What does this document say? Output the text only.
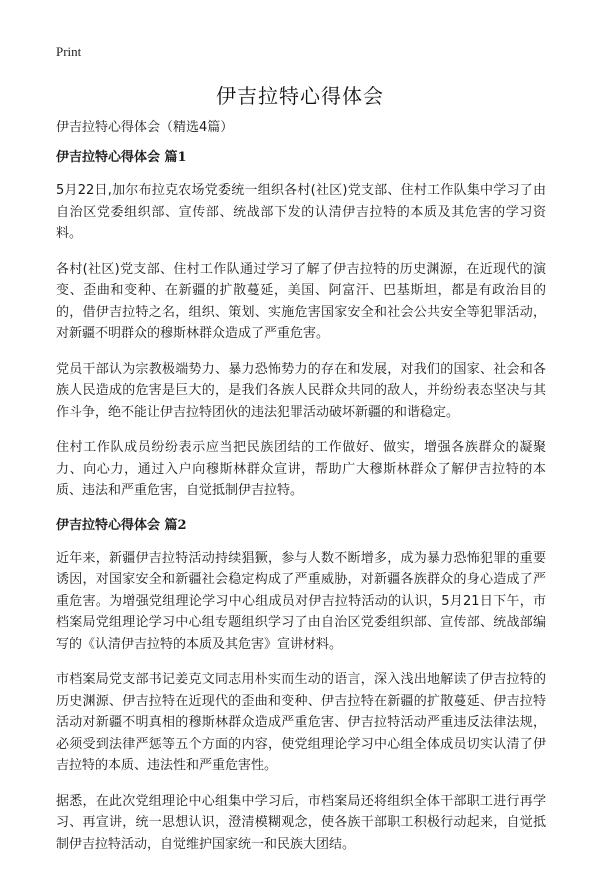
Print
伊吉拉特心得体会

伊吉拉特心得体会（精选4篇）

伊吉拉特心得体会 篇1

5月22日,加尔布拉克农场党委统一组织各村(社区)党支部、住村工作队集中学习了由自治区党委组织部、宣传部、统战部下发的认清伊吉拉特的本质及其危害的学习资料。

各村(社区)党支部、住村工作队通过学习了解了伊吉拉特的历史渊源，在近现代的演变、歪曲和变种、在新疆的扩散蔓延，美国、阿富汗、巴基斯坦，都是有政治目的的，借伊吉拉特之名，组织、策划、实施危害国家安全和社会公共安全等犯罪活动，对新疆不明群众的穆斯林群众造成了严重危害。

党员干部认为宗教极端势力、暴力恐怖势力的存在和发展，对我们的国家、社会和各族人民造成的危害是巨大的，是我们各族人民群众共同的敌人，并纷纷表态坚决与其作斗争，绝不能让伊吉拉特团伙的违法犯罪活动破坏新疆的和谐稳定。

住村工作队成员纷纷表示应当把民族团结的工作做好、做实，增强各族群众的凝聚力、向心力，通过入户向穆斯林群众宣讲，帮助广大穆斯林群众了解伊吉拉特的本质、违法和严重危害，自觉抵制伊吉拉特。

伊吉拉特心得体会 篇2

近年来，新疆伊吉拉特活动持续猖獗，参与人数不断增多，成为暴力恐怖犯罪的重要诱因，对国家安全和新疆社会稳定构成了严重威胁，对新疆各族群众的身心造成了严重危害。为增强党组理论学习中心组成员对伊吉拉特活动的认识，5月21日下午，市档案局党组理论学习中心组专题组织学习了由自治区党委组织部、宣传部、统战部编写的《认清伊吉拉特的本质及其危害》宣讲材料。

市档案局党支部书记姜克文同志用朴实而生动的语言，深入浅出地解读了伊吉拉特的历史渊源、伊吉拉特在近现代的歪曲和变种、伊吉拉特在新疆的扩散蔓延、伊吉拉特活动对新疆不明真相的穆斯林群众造成严重危害、伊吉拉特活动严重违反法律法规，必须受到法律严惩等五个方面的内容，使党组理论学习中心组全体成员切实认清了伊吉拉特的本质、违法性和严重危害性。

据悉，在此次党组理论中心组集中学习后，市档案局还将组织全体干部职工进行再学习、再宣讲，统一思想认识，澄清模糊观念，使各族干部职工积极行动起来，自觉抵制伊吉拉特活动，自觉维护国家统一和民族大团结。
